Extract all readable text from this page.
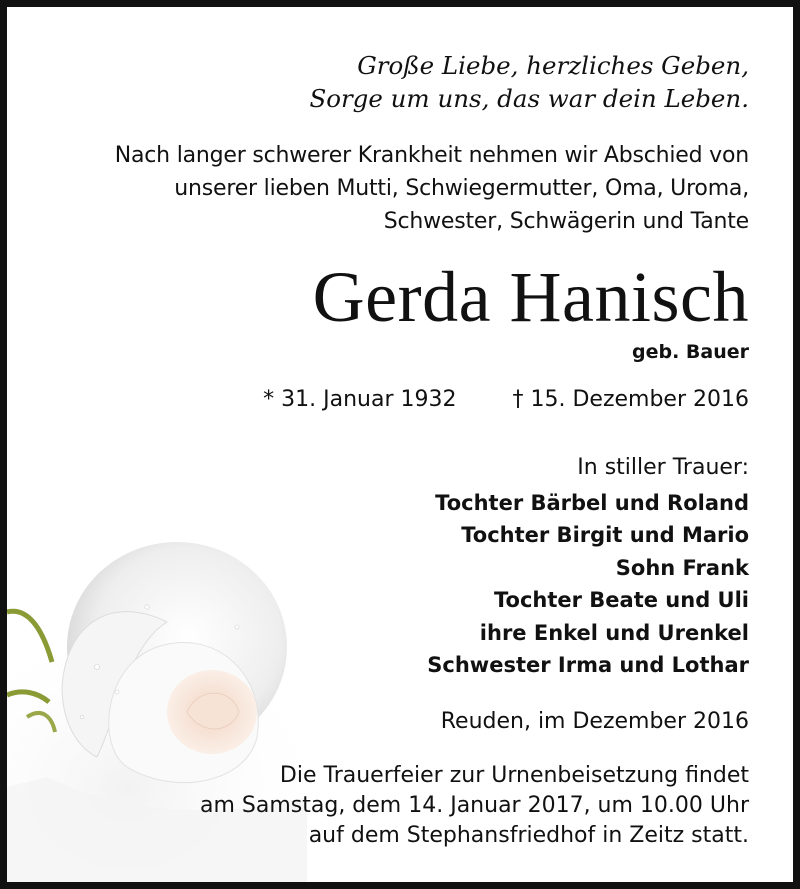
Große Liebe, herzliches Geben,
Sorge um uns, das war dein Leben.
Nach langer schwerer Krankheit nehmen wir Abschied von
unserer lieben Mutti, Schwiegermutter, Oma, Uroma,
Schwester, Schwägerin und Tante
Gerda Hanisch
geb. Bauer
* 31. Januar 1932	† 15. Dezember 2016
In stiller Trauer:
Tochter Bärbel und Roland
Tochter Birgit und Mario
Sohn Frank
Tochter Beate und Uli
ihre Enkel und Urenkel
Schwester Irma und Lothar
Reuden, im Dezember 2016
Die Trauerfeier zur Urnenbeisetzung findet
am Samstag, dem 14. Januar 2017, um 10.00 Uhr
auf dem Stephansfriedhof in Zeitz statt.
